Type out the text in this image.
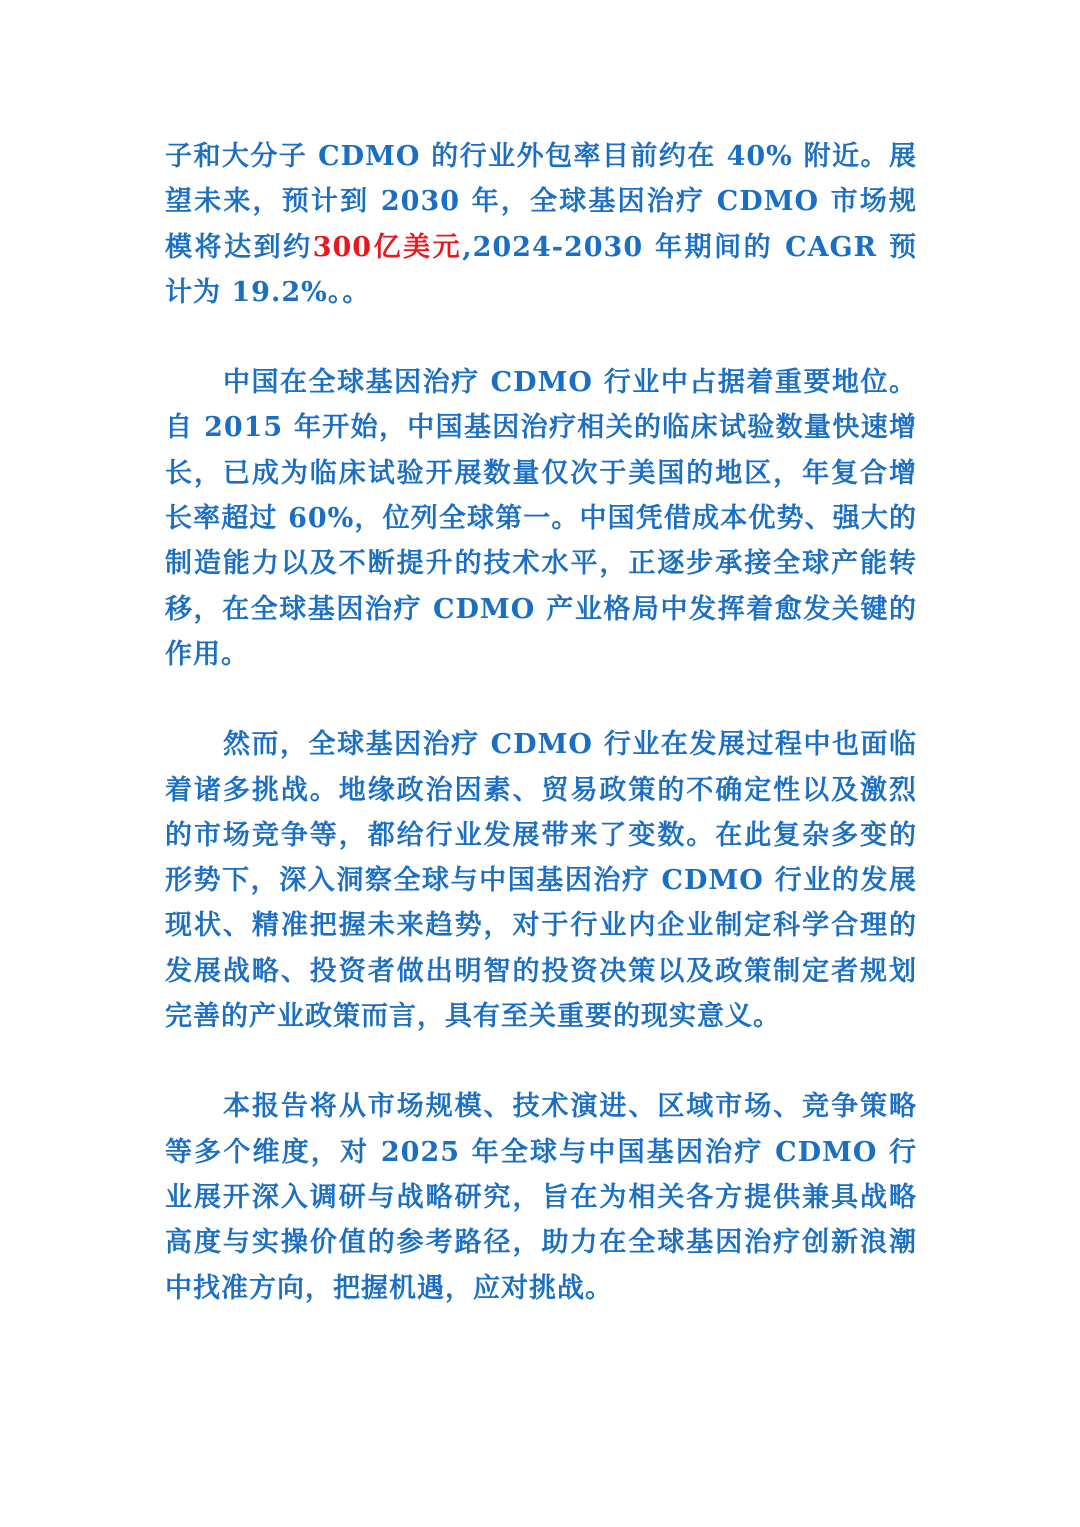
子和大分子 CDMO 的行业外包率目前约在 40% 附近。展望未来，预计到 2030 年，全球基因治疗 CDMO 市场规模将达到约300亿美元,2024-2030 年期间的 CAGR 预计为 19.2%。。

中国在全球基因治疗 CDMO 行业中占据着重要地位。自 2015 年开始，中国基因治疗相关的临床试验数量快速增长，已成为临床试验开展数量仅次于美国的地区，年复合增长率超过 60%，位列全球第一。中国凭借成本优势、强大的制造能力以及不断提升的技术水平，正逐步承接全球产能转移，在全球基因治疗 CDMO 产业格局中发挥着愈发关键的作用。

然而，全球基因治疗 CDMO 行业在发展过程中也面临着诸多挑战。地缘政治因素、贸易政策的不确定性以及激烈的市场竞争等，都给行业发展带来了变数。在此复杂多变的形势下，深入洞察全球与中国基因治疗 CDMO 行业的发展现状、精准把握未来趋势，对于行业内企业制定科学合理的发展战略、投资者做出明智的投资决策以及政策制定者规划完善的产业政策而言，具有至关重要的现实意义。

本报告将从市场规模、技术演进、区域市场、竞争策略等多个维度，对 2025 年全球与中国基因治疗 CDMO 行业展开深入调研与战略研究，旨在为相关各方提供兼具战略高度与实操价值的参考路径，助力在全球基因治疗创新浪潮中找准方向，把握机遇，应对挑战。
